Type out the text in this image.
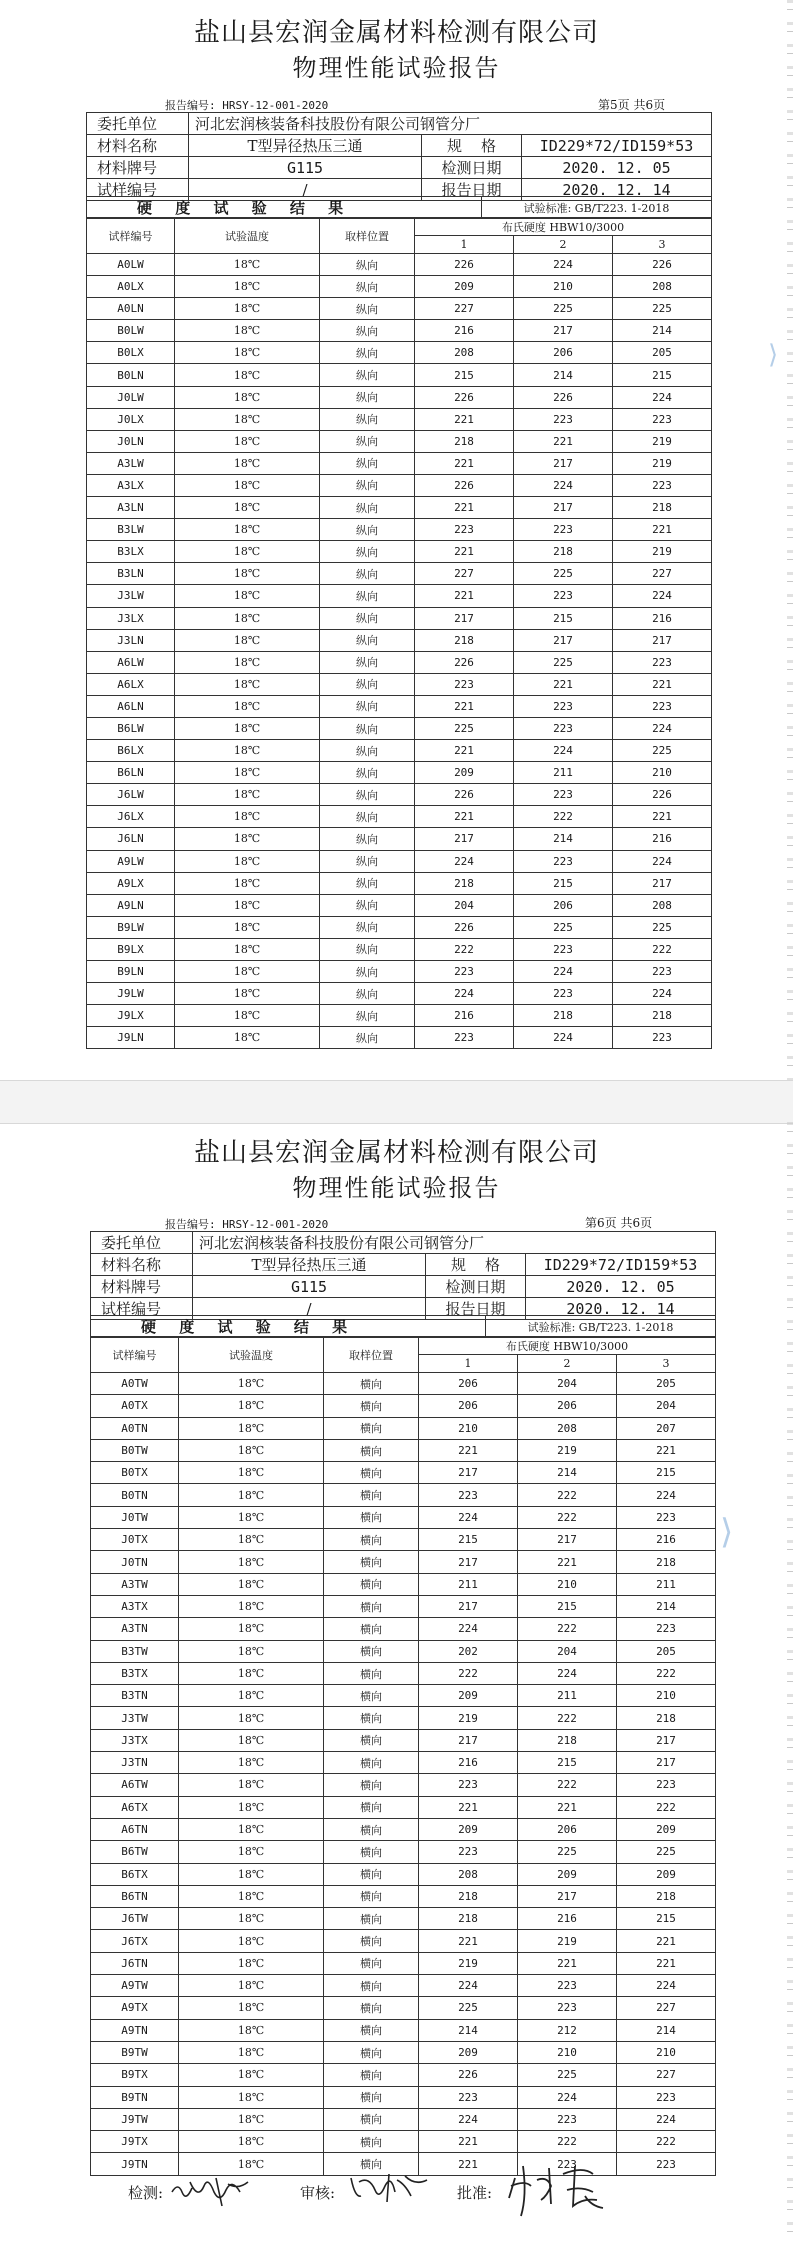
盐山县宏润金属材料检测有限公司
物理性能试验报告
报告编号: HRSY-12-001-2020	第5页 共6页
委托单位	河北宏润核装备科技股份有限公司钢管分厂		
材料名称	T型异径热压三通	规    格	ID229*72/ID159*53
材料牌号	G115	检测日期	2020. 12. 05
试样编号	/	报告日期	2020. 12. 14
硬 度 试 验 结 果	试验标准: GB/T223. 1-2018
试样编号	试验温度	取样位置	布氏硬度 HBW10/3000		
			1	2	3
A0LW	18℃	纵向	226	224	226
A0LX	18℃	纵向	209	210	208
A0LN	18℃	纵向	227	225	225
B0LW	18℃	纵向	216	217	214
B0LX	18℃	纵向	208	206	205
B0LN	18℃	纵向	215	214	215
J0LW	18℃	纵向	226	226	224
J0LX	18℃	纵向	221	223	223
J0LN	18℃	纵向	218	221	219
A3LW	18℃	纵向	221	217	219
A3LX	18℃	纵向	226	224	223
A3LN	18℃	纵向	221	217	218
B3LW	18℃	纵向	223	223	221
B3LX	18℃	纵向	221	218	219
B3LN	18℃	纵向	227	225	227
J3LW	18℃	纵向	221	223	224
J3LX	18℃	纵向	217	215	216
J3LN	18℃	纵向	218	217	217
A6LW	18℃	纵向	226	225	223
A6LX	18℃	纵向	223	221	221
A6LN	18℃	纵向	221	223	223
B6LW	18℃	纵向	225	223	224
B6LX	18℃	纵向	221	224	225
B6LN	18℃	纵向	209	211	210
J6LW	18℃	纵向	226	223	226
J6LX	18℃	纵向	221	222	221
J6LN	18℃	纵向	217	214	216
A9LW	18℃	纵向	224	223	224
A9LX	18℃	纵向	218	215	217
A9LN	18℃	纵向	204	206	208
B9LW	18℃	纵向	226	225	225
B9LX	18℃	纵向	222	223	222
B9LN	18℃	纵向	223	224	223
J9LW	18℃	纵向	224	223	224
J9LX	18℃	纵向	216	218	218
J9LN	18℃	纵向	223	224	223
⟩
盐山县宏润金属材料检测有限公司
物理性能试验报告
报告编号: HRSY-12-001-2020	第6页 共6页
委托单位	河北宏润核装备科技股份有限公司钢管分厂		
材料名称	T型异径热压三通	规    格	ID229*72/ID159*53
材料牌号	G115	检测日期	2020. 12. 05
试样编号	/	报告日期	2020. 12. 14
硬 度 试 验 结 果	试验标准: GB/T223. 1-2018
试样编号	试验温度	取样位置	布氏硬度 HBW10/3000		
			1	2	3
A0TW	18℃	横向	206	204	205
A0TX	18℃	横向	206	206	204
A0TN	18℃	横向	210	208	207
B0TW	18℃	横向	221	219	221
B0TX	18℃	横向	217	214	215
B0TN	18℃	横向	223	222	224
J0TW	18℃	横向	224	222	223
J0TX	18℃	横向	215	217	216
J0TN	18℃	横向	217	221	218
A3TW	18℃	横向	211	210	211
A3TX	18℃	横向	217	215	214
A3TN	18℃	横向	224	222	223
B3TW	18℃	横向	202	204	205
B3TX	18℃	横向	222	224	222
B3TN	18℃	横向	209	211	210
J3TW	18℃	横向	219	222	218
J3TX	18℃	横向	217	218	217
J3TN	18℃	横向	216	215	217
A6TW	18℃	横向	223	222	223
A6TX	18℃	横向	221	221	222
A6TN	18℃	横向	209	206	209
B6TW	18℃	横向	223	225	225
B6TX	18℃	横向	208	209	209
B6TN	18℃	横向	218	217	218
J6TW	18℃	横向	218	216	215
J6TX	18℃	横向	221	219	221
J6TN	18℃	横向	219	221	221
A9TW	18℃	横向	224	223	224
A9TX	18℃	横向	225	223	227
A9TN	18℃	横向	214	212	214
B9TW	18℃	横向	209	210	210
B9TX	18℃	横向	226	225	227
B9TN	18℃	横向	223	224	223
J9TW	18℃	横向	224	223	224
J9TX	18℃	横向	221	222	222
J9TN	18℃	横向	221	223	223
⟩
检测:	审核:	批准:
